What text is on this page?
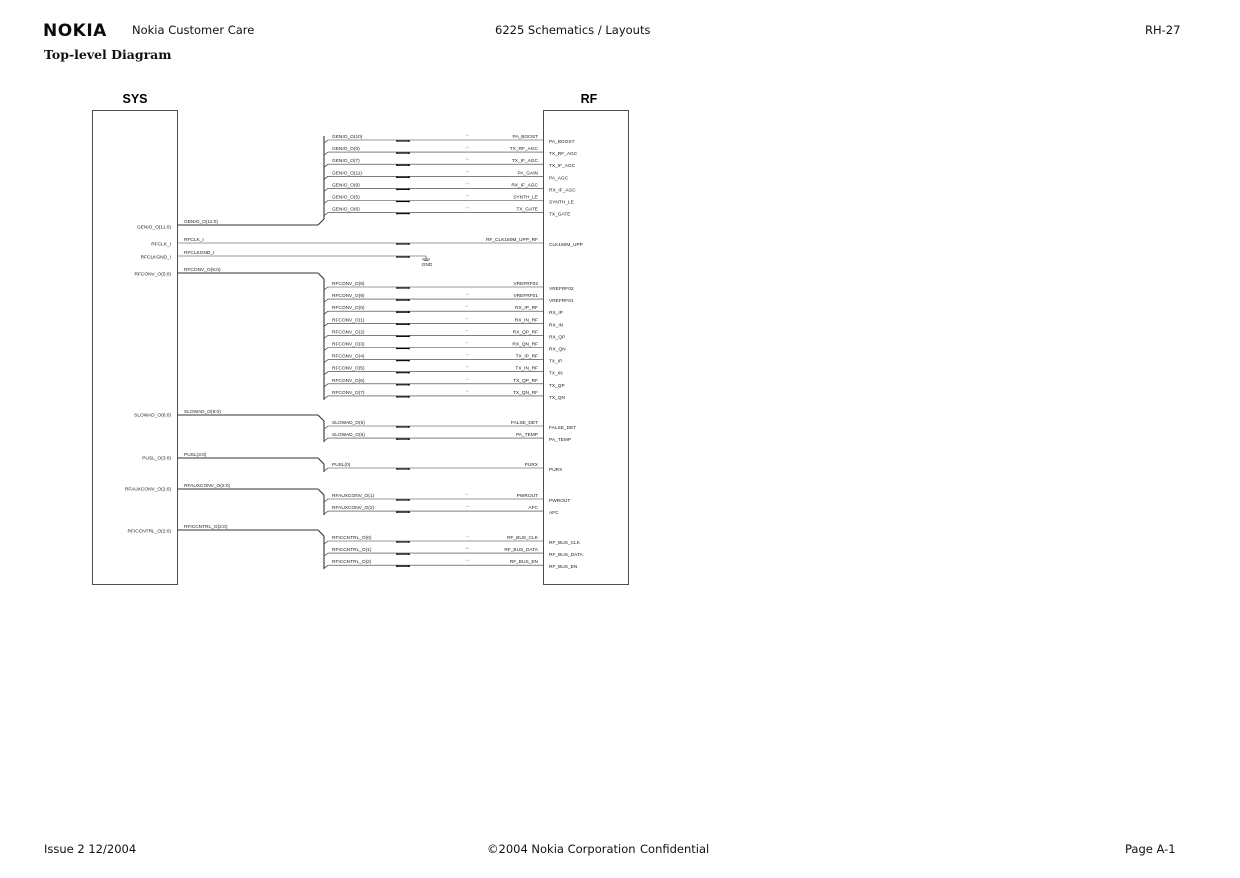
NOKIA Nokia Customer Care	6225 Schematics / Layouts	RH-27
Top-level Diagram
SYS	RF
GENIO_O(11:0)
GENIO_O(11:0)
GENIO_O(10)	PA_BOOST
→
PA_BOOST
GENIO_O(0)	TX_RF_AGC
→
TX_RF_AGC
GENIO_O(7)	TX_IF_AGC
→
TX_IF_AGC
GENIO_O(11)	PA_GAIN
→
PA_AGC
GENIO_O(9)	RX_IF_AGC
→
RX_IF_AGC
GENIO_O(5)	SYNTH_LE
→
SYNTH_LE
GENIO_O(6)	TX_GATE
→
TX_GATE
RFCONV_O(5:0)
RFCONV_O(5:0)
RFCONV_O(8)	VREFRF02
VREFRF02
RFCONV_O(9)	VREFRF01
→
VREFRF01
RFCONV_O(0)	RX_IP_RF
←
RX_IP
RFCONV_O(1)	RX_IN_RF
←
RX_IN
RFCONV_O(2)	RX_QP_RF
←
RX_QP
RFCONV_O(3)	RX_QN_RF
←
RX_QN
RFCONV_O(4)	TX_IP_RF
→
TX_IP
RFCONV_O(5)	TX_IN_RF
→
TX_IN
RFCONV_O(6)	TX_QP_RF
→
TX_QP
RFCONV_O(7)	TX_QN_RF
→
TX_QN
SLOWAD_O(6:0)
SLOWAD_O(6:0)
SLOWAD_O(5)	FALSE_DET
FALSE_DET
SLOWAD_O(6)	PA_TEMP
PA_TEMP
PUSL_O(3:0)
PUSL(3:0)
PUSL(0)	PURX
PURX
RFAUXCONV_O(2:0)
RFAUXCONV_O(2:0)
RFAUXCONV_O(1)	PWROUT
←
PWROUT
RFAUXCONV_O(2)	AFC
→
AFC
RFICCNTRL_O(2:0)
RFICCNTRL_O(2:0)
RFICCNTRL_O(0)	RF_BUS_CLK
→
RF_BUS_CLK
RFICCNTRL_O(1)	RF_BUS_DATA
↔
RF_BUS_DATA
RFICCNTRL_O(2)	RF_BUS_EN
→
RF_BUS_EN
RFCLK_I
RFCLK_I	RF_CLK160M_UPP_RF
CLK160M_UPP
RFCLKGND_I
RFCLKGND_I
GND
Issue 2 12/2004	©2004 Nokia Corporation Confidential	Page A-1
